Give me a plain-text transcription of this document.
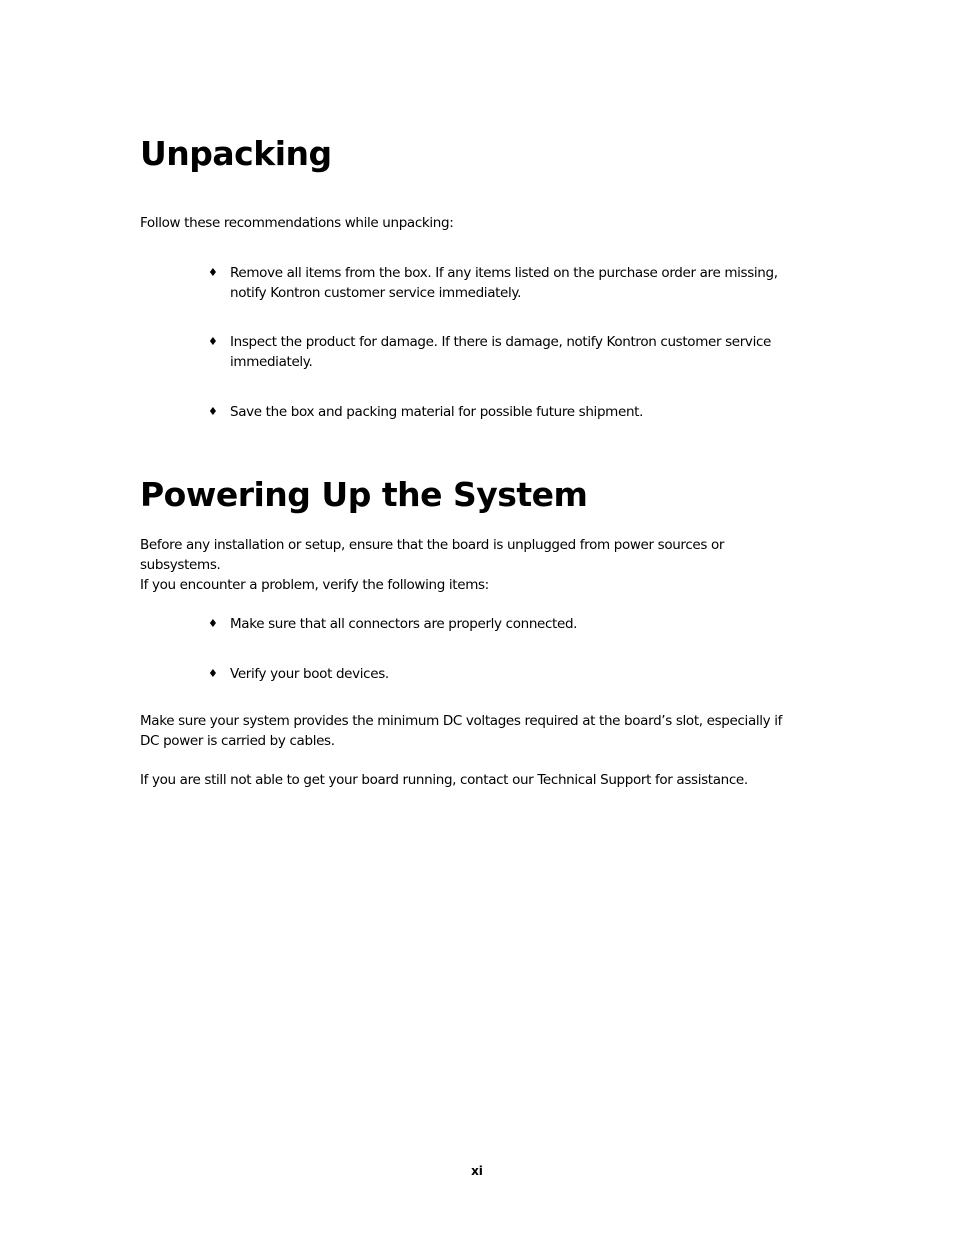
Unpacking

Follow these recommendations while unpacking:

♦ Remove all items from the box. If any items listed on the purchase order are missing,
notify Kontron customer service immediately.
♦ Inspect the product for damage. If there is damage, notify Kontron customer service
immediately.
♦ Save the box and packing material for possible future shipment.
Powering Up the System

Before any installation or setup, ensure that the board is unplugged from power sources or
subsystems.
If you encounter a problem, verify the following items:

♦ Make sure that all connectors are properly connected.
♦ Verify your boot devices.

Make sure your system provides the minimum DC voltages required at the board’s slot, especially if
DC power is carried by cables.

If you are still not able to get your board running, contact our Technical Support for assistance.

xi
